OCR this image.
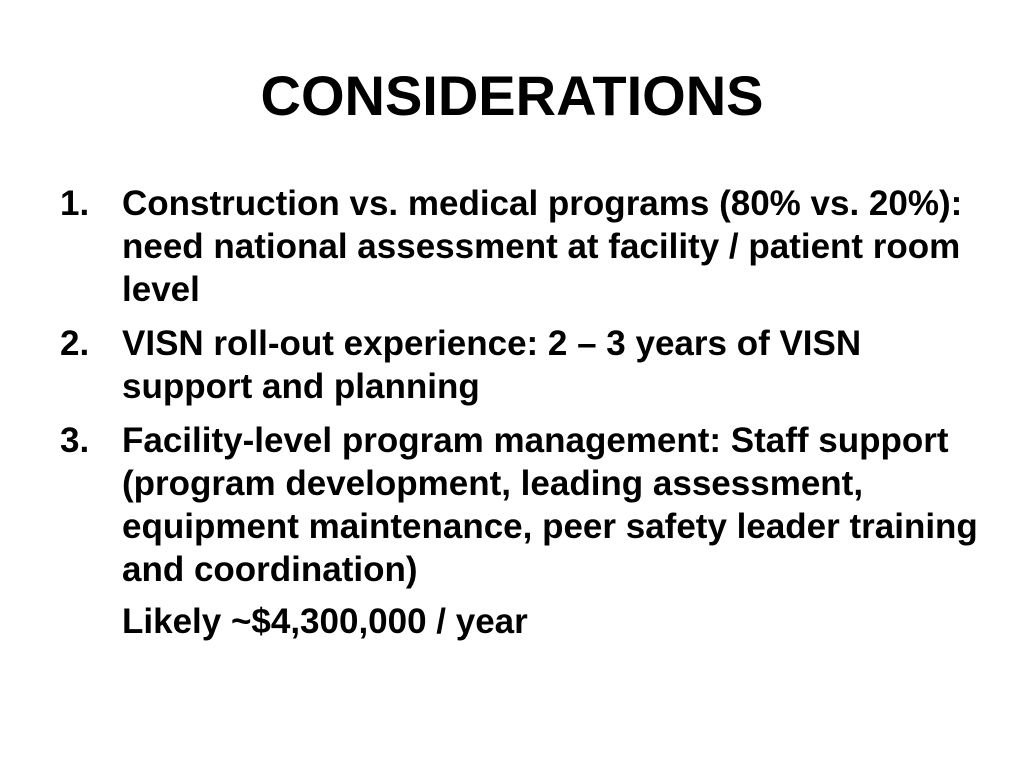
CONSIDERATIONS
1. Construction vs. medical programs (80% vs. 20%): need national assessment at facility / patient room level
2. VISN roll-out experience: 2 – 3 years of VISN support and planning
3. Facility-level program management: Staff support (program development, leading assessment, equipment maintenance, peer safety leader training and coordination)

Likely ~$4,300,000 / year
